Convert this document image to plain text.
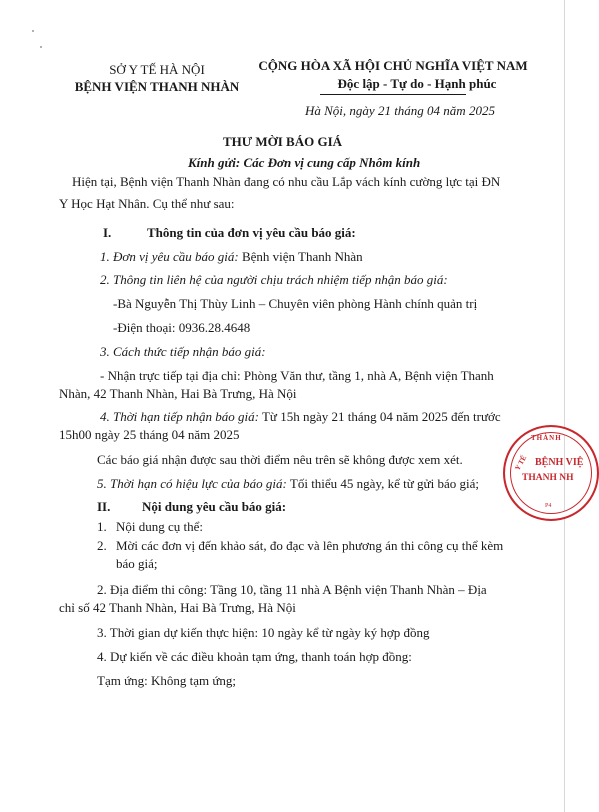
SỞ Y TẾ HÀ NỘI
BỆNH VIỆN THANH NHÀN
CỘNG HÒA XÃ HỘI CHỦ NGHĨA VIỆT NAM
Độc lập - Tự do - Hạnh phúc
Hà Nội, ngày 21 tháng 04 năm 2025
THƯ MỜI BÁO GIÁ
Kính gửi: Các Đơn vị cung cấp Nhôm kính
Hiện tại, Bệnh viện Thanh Nhàn đang có nhu cầu Lắp vách kính cường lực tại ĐN
Y Học Hạt Nhân. Cụ thể như sau:
I.	Thông tin của đơn vị yêu cầu báo giá:
1. Đơn vị yêu cầu báo giá: Bệnh viện Thanh Nhàn
2. Thông tin liên hệ của người chịu trách nhiệm tiếp nhận báo giá:
-Bà Nguyễn Thị Thùy Linh – Chuyên viên phòng Hành chính quản trị
-Điện thoại: 0936.28.4648
3. Cách thức tiếp nhận báo giá:
- Nhận trực tiếp tại địa chỉ: Phòng Văn thư, tầng 1, nhà A, Bệnh viện Thanh
Nhàn, 42 Thanh Nhàn, Hai Bà Trưng, Hà Nội
4. Thời hạn tiếp nhận báo giá: Từ 15h ngày 21 tháng 04 năm 2025 đến trước
15h00 ngày 25 tháng 04 năm 2025
Các báo giá nhận được sau thời điểm nêu trên sẽ không được xem xét.
5. Thời hạn có hiệu lực của báo giá: Tối thiểu 45 ngày, kể từ gửi báo giá;
II. Nội dung yêu cầu báo giá:
1. Nội dung cụ thể:
2. Mời các đơn vị đến khảo sát, đo đạc và lên phương án thi công cụ thể kèm
báo giá;
2. Địa điểm thi công: Tầng 10, tầng 11 nhà A Bệnh viện Thanh Nhàn – Địa
chỉ số 42 Thanh Nhàn, Hai Bà Trưng, Hà Nội
3. Thời gian dự kiến thực hiện: 10 ngày kể từ ngày ký hợp đồng
4. Dự kiến về các điều khoản tạm ứng, thanh toán hợp đồng:
Tạm ứng: Không tạm ứng;
THÀNH
Y TẾ BỆNH VIỆ
THANH NH
P4
